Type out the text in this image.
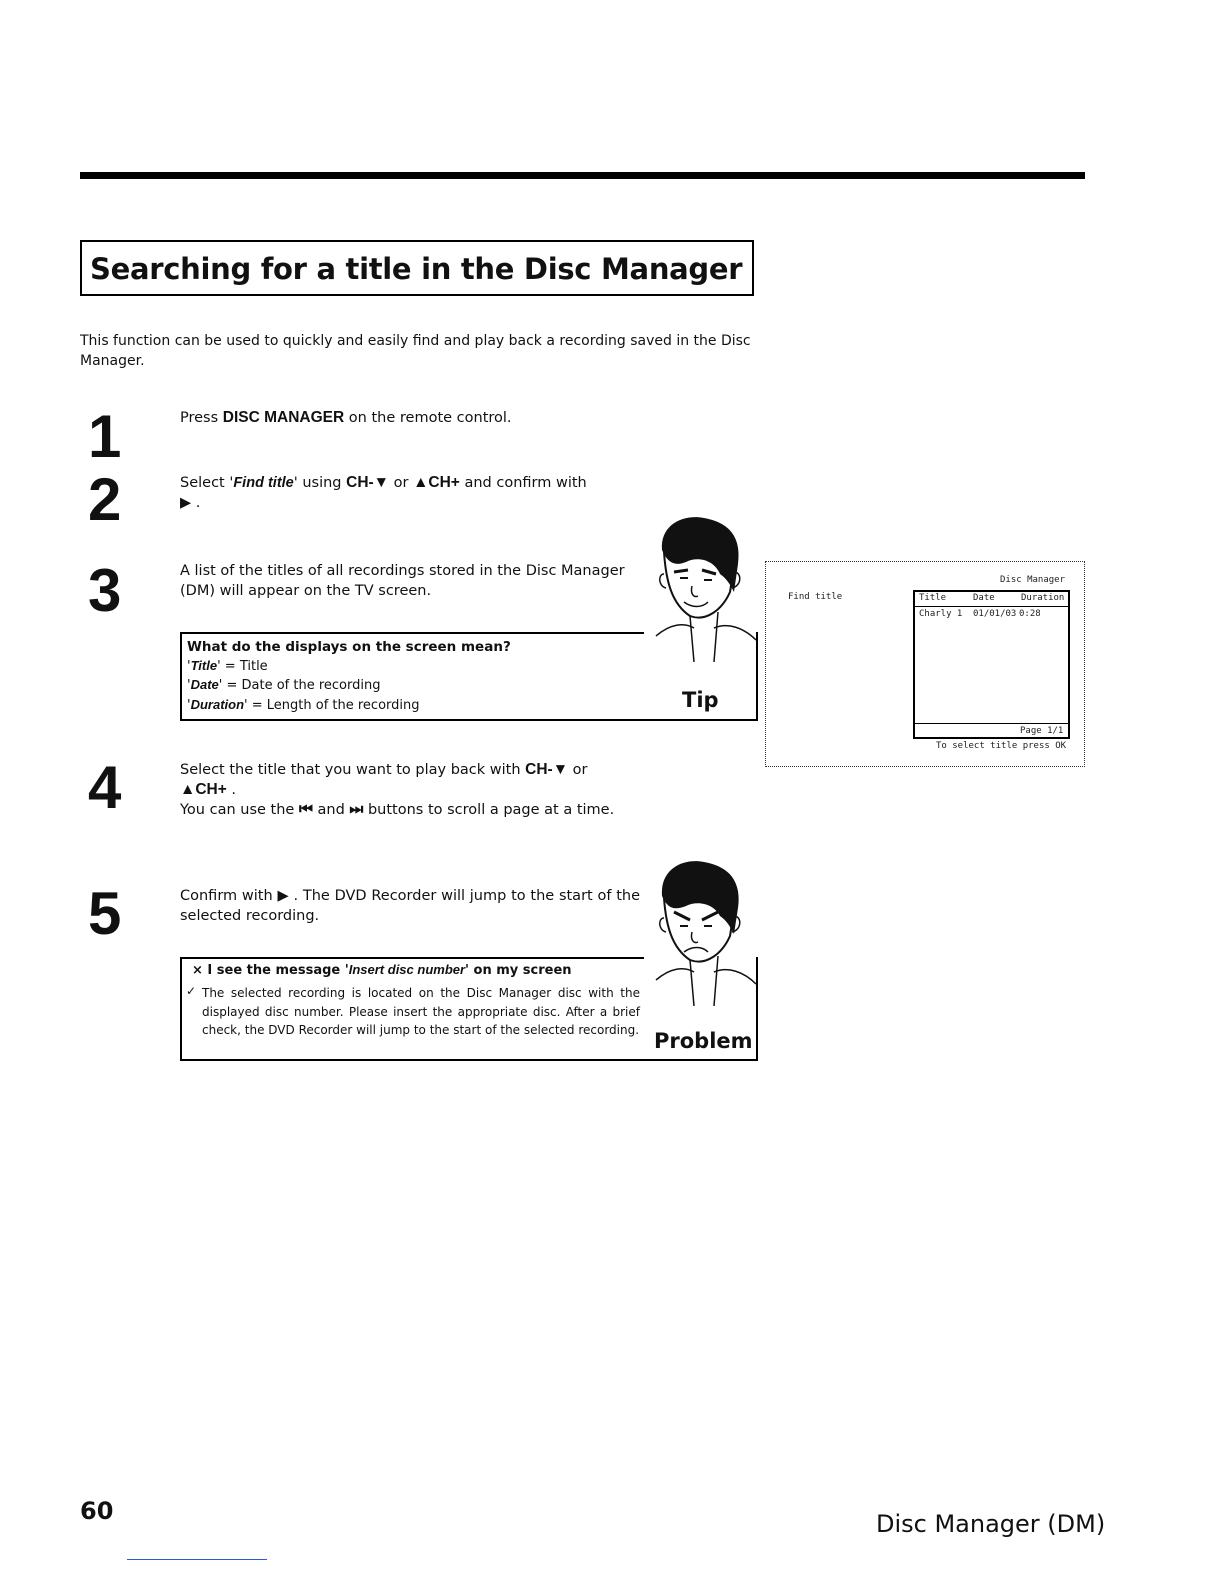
Searching for a title in the Disc Manager
This function can be used to quickly and easily find and play back a recording saved in the Disc Manager.
1	Press DISC MANAGER on the remote control.
2	Select 'Find title' using CH-▼ or ▲CH+ and confirm with
▶ .
3	A list of the titles of all recordings stored in the Disc Manager (DM) will appear on the TV screen.
What do the displays on the screen mean?
'Title' = Title
'Date' = Date of the recording
'Duration' = Length of the recording	Tip
Disc Manager
Find title	Title	Date	Duration
Charly 1 01/01/03 0:28
Page 1/1
To select title press OK
4	Select the title that you want to play back with CH-▼ or
▲CH+ .
You can use the ⏮ and ⏭ buttons to scroll a page at a time.
5	Confirm with ▶ . The DVD Recorder will jump to the start of the selected recording.
× I see the message 'Insert disc number' on my screen
✓ The selected recording is located on the Disc Manager disc with the displayed disc number. Please insert the appropriate disc. After a brief check, the DVD Recorder will jump to the start of the selected recording. Problem
60	Disc Manager (DM)
